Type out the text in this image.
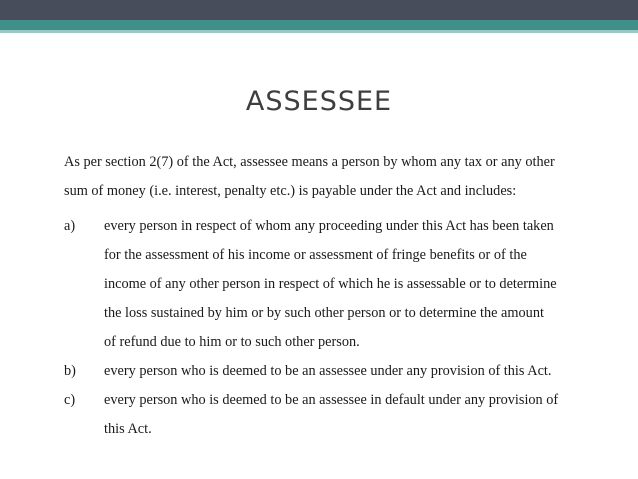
ASSESSEE

As per section 2(7) of the Act, assessee means a person by whom any tax or any other

sum of money (i.e. interest, penalty etc.) is payable under the Act and includes:

a)	every person in respect of whom any proceeding under this Act has been taken

for the assessment of his income or assessment of fringe benefits or of the

income of any other person in respect of which he is assessable or to determine

the loss sustained by him or by such other person or to determine the amount

of refund due to him or to such other person.

b)	every person who is deemed to be an assessee under any provision of this Act.

c)	every person who is deemed to be an assessee in default under any provision of

this Act.
